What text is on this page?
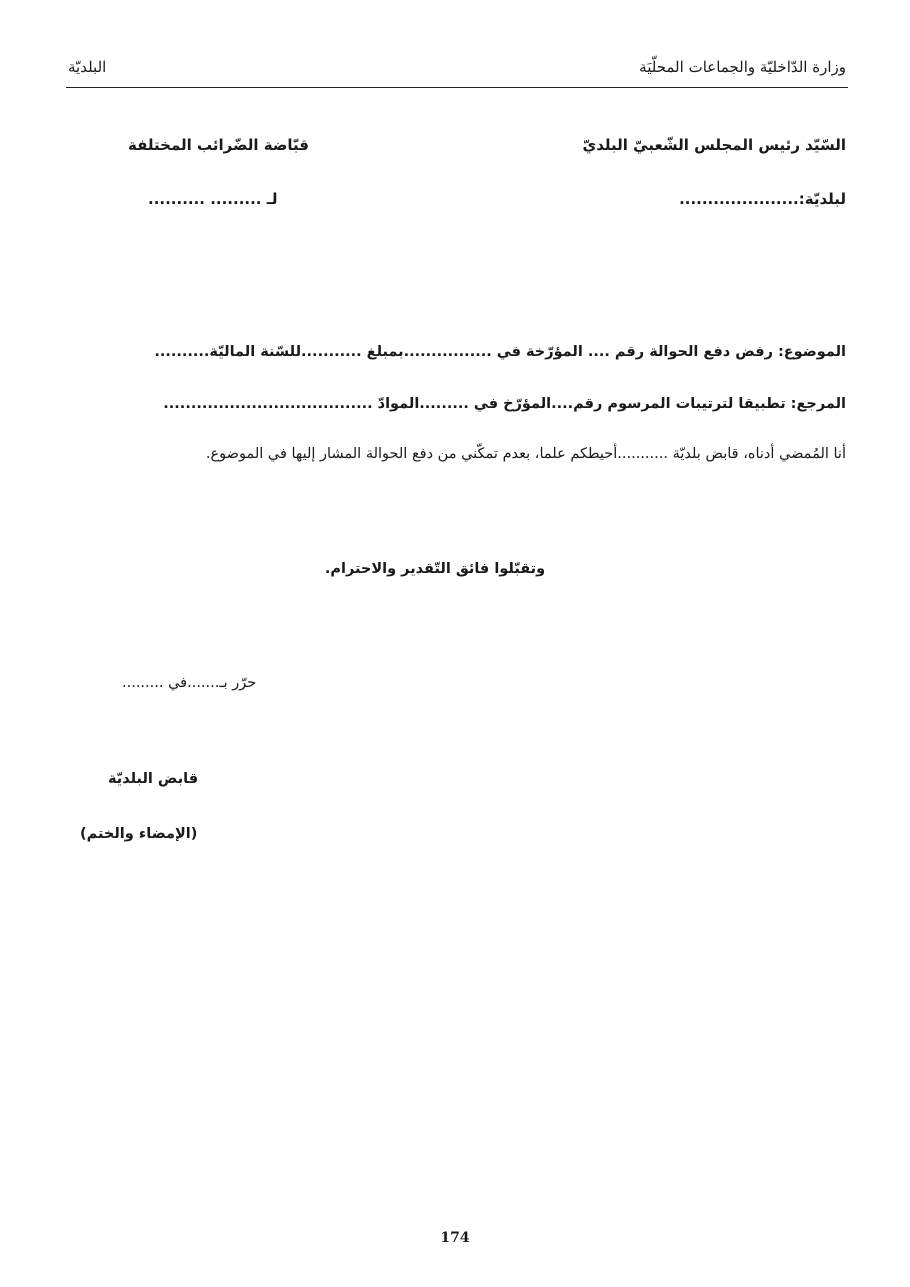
وزارة الدّاخليّة والجماعات المحلّيَة
البلديّة
السّيّد رئيس المجلس الشّعبيّ البلديّ
قبّاضة الضّرائب المختلفة
لبلديّة:.....................
لـ ......... ..........
الموضوع: رفض دفع الحوالة رقم .... المؤرّخة في ................بمبلغ ...........للسّنة الماليّة..........
المرجع: تطبيقا لترتيبات المرسوم رقم....المؤرّخ في .........الموادّ ......................................
أنا المُمضي أدناه، قابض بلديّة ...........أحيطكم علما، بعدم تمكّني من دفع الحوالة المشار إليها في الموضوع.
وتقبّلوا فائق التّقدير والاحترام.
حرّر بـ.......في .........
قابض البلديّة
(الإمضاء والختم)
174
